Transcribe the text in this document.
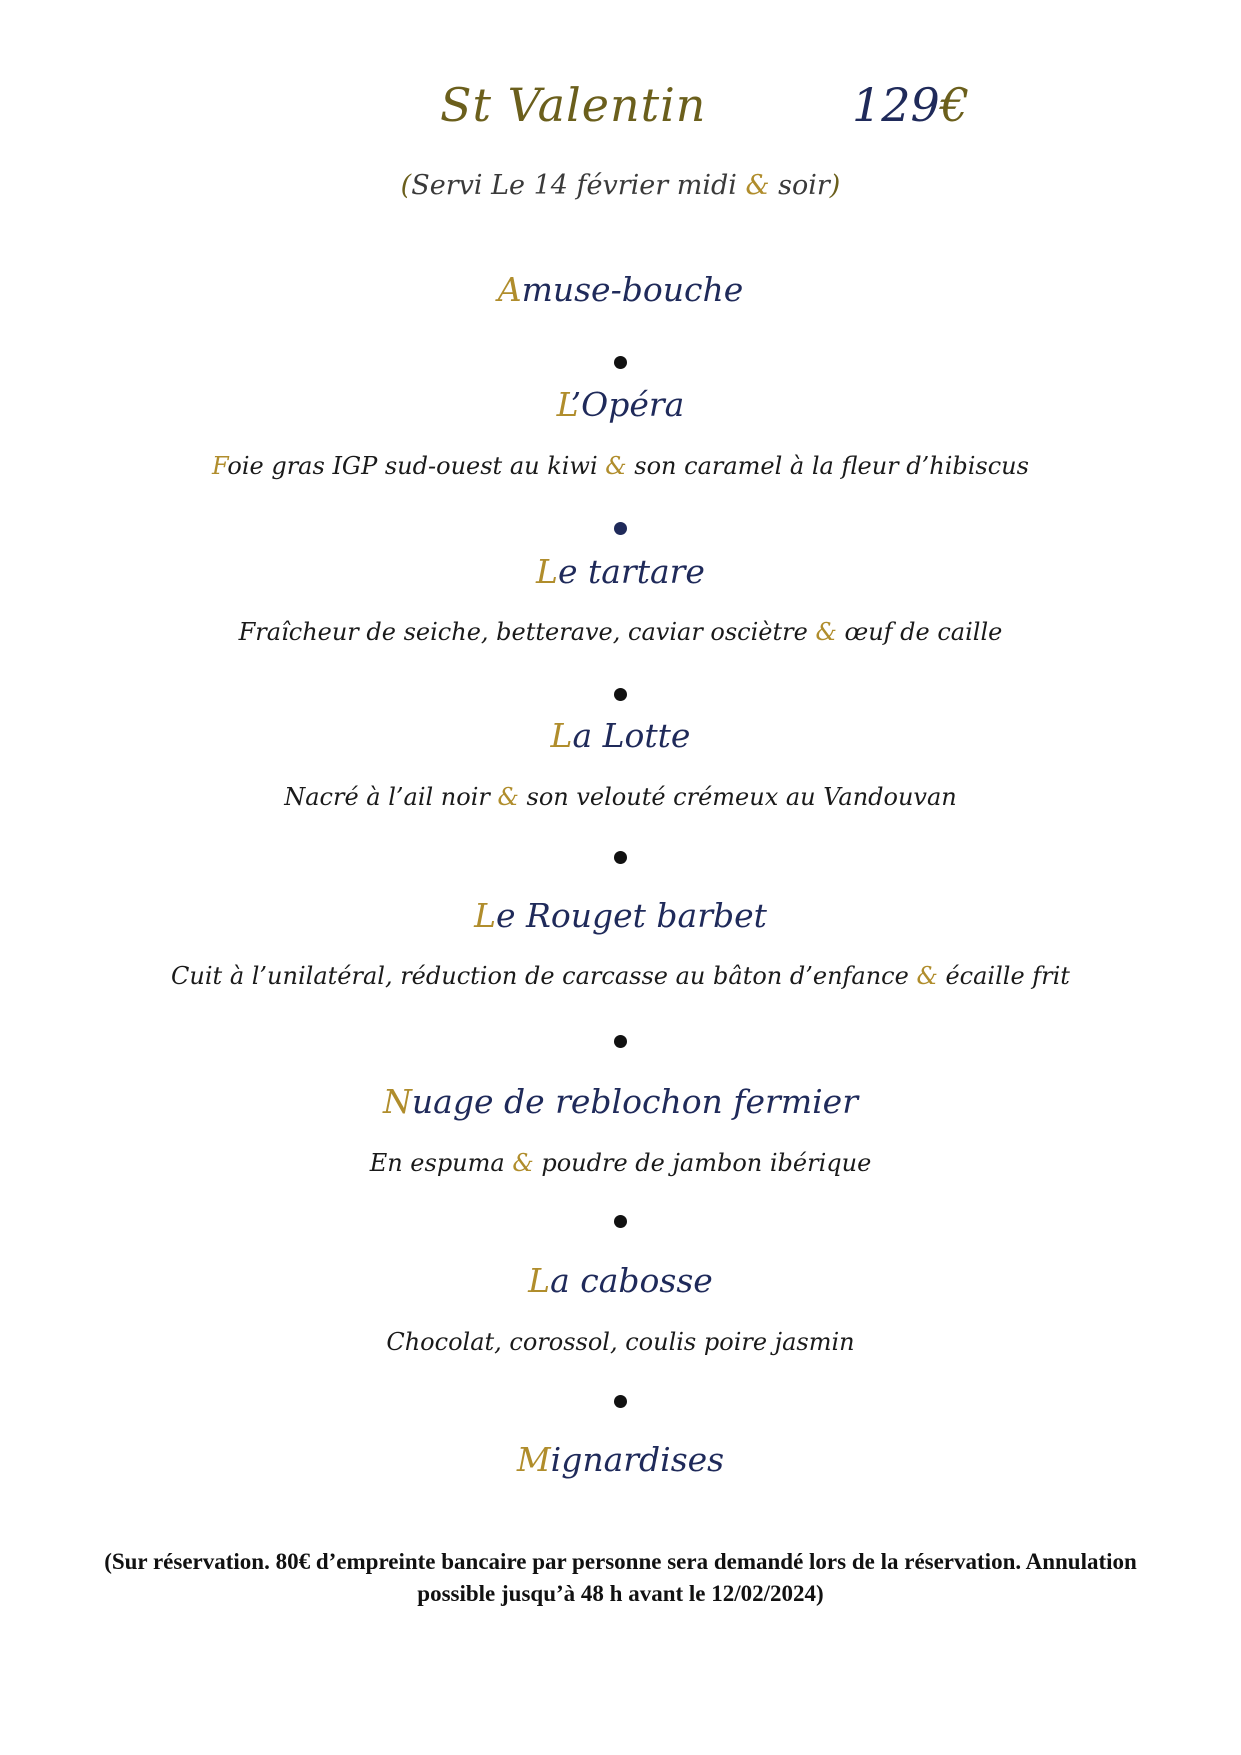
St Valentin	129€
(Servi Le 14 février midi & soir)
Amuse-bouche
L’Opéra
Foie gras IGP sud-ouest au kiwi & son caramel à la fleur d’hibiscus
Le tartare
Fraîcheur de seiche, betterave, caviar osciètre & œuf de caille
La Lotte
Nacré à l’ail noir & son velouté crémeux au Vandouvan
Le Rouget barbet
Cuit à l’unilatéral, réduction de carcasse au bâton d’enfance & écaille frit
Nuage de reblochon fermier
En espuma & poudre de jambon ibérique
La cabosse
Chocolat, corossol, coulis poire jasmin
Mignardises
(Sur réservation. 80€ d’empreinte bancaire par personne sera demandé lors de la réservation. Annulation possible jusqu’à 48 h avant le 12/02/2024)
